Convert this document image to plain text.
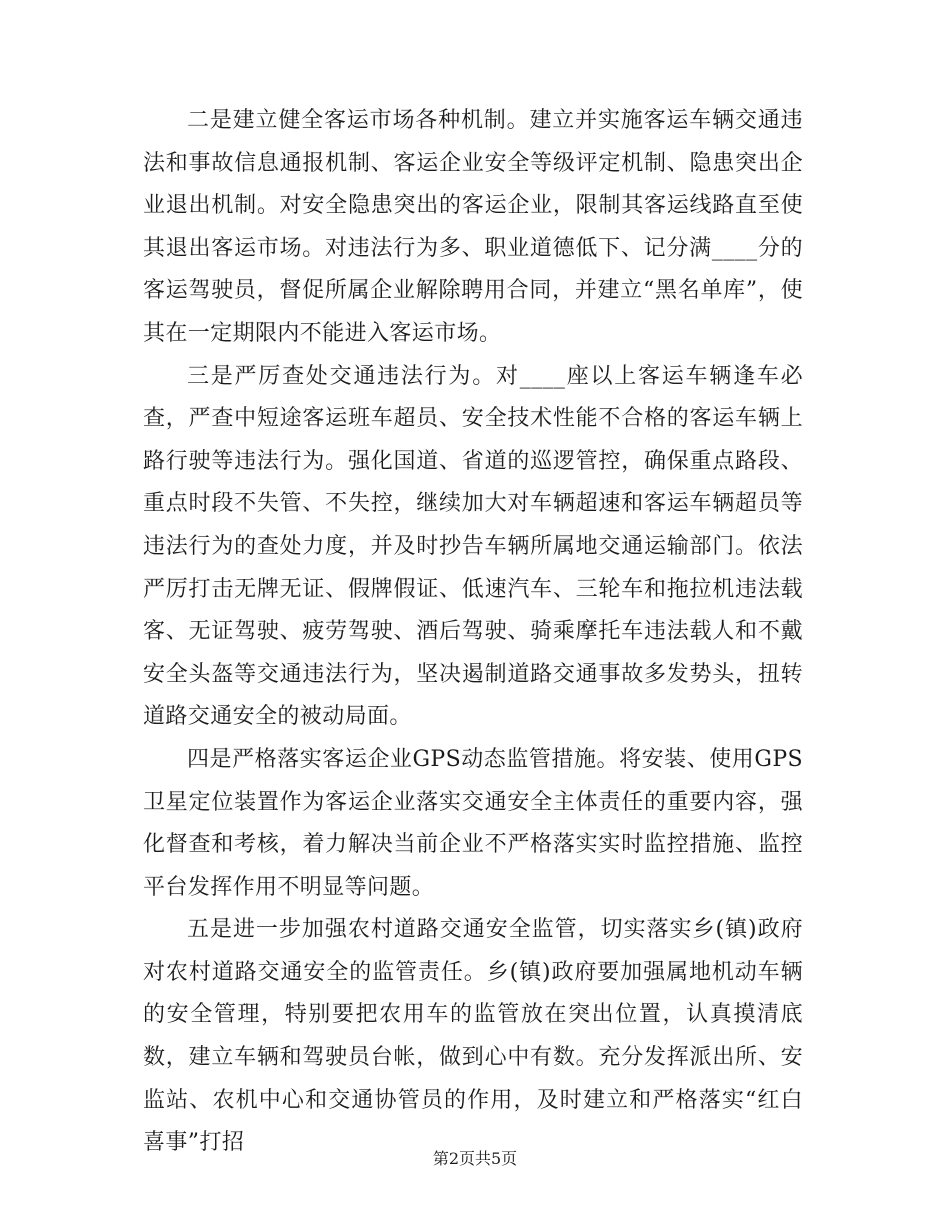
二是建立健全客运市场各种机制。建立并实施客运车辆交通违法和事故信息通报机制、客运企业安全等级评定机制、隐患突出企业退出机制。对安全隐患突出的客运企业，限制其客运线路直至使其退出客运市场。对违法行为多、职业道德低下、记分满____分的客运驾驶员，督促所属企业解除聘用合同，并建立“黑名单库”，使其在一定期限内不能进入客运市场。

三是严厉查处交通违法行为。对____座以上客运车辆逢车必查，严查中短途客运班车超员、安全技术性能不合格的客运车辆上路行驶等违法行为。强化国道、省道的巡逻管控，确保重点路段、重点时段不失管、不失控，继续加大对车辆超速和客运车辆超员等违法行为的查处力度，并及时抄告车辆所属地交通运输部门。依法严厉打击无牌无证、假牌假证、低速汽车、三轮车和拖拉机违法载客、无证驾驶、疲劳驾驶、酒后驾驶、骑乘摩托车违法载人和不戴安全头盔等交通违法行为，坚决遏制道路交通事故多发势头，扭转道路交通安全的被动局面。

四是严格落实客运企业GPS动态监管措施。将安装、使用GPS卫星定位装置作为客运企业落实交通安全主体责任的重要内容，强化督查和考核，着力解决当前企业不严格落实实时监控措施、监控平台发挥作用不明显等问题。

五是进一步加强农村道路交通安全监管，切实落实乡(镇)政府对农村道路交通安全的监管责任。乡(镇)政府要加强属地机动车辆的安全管理，特别要把农用车的监管放在突出位置，认真摸清底数，建立车辆和驾驶员台帐，做到心中有数。充分发挥派出所、安监站、农机中心和交通协管员的作用，及时建立和严格落实“红白喜事”打招

第2页共5页
